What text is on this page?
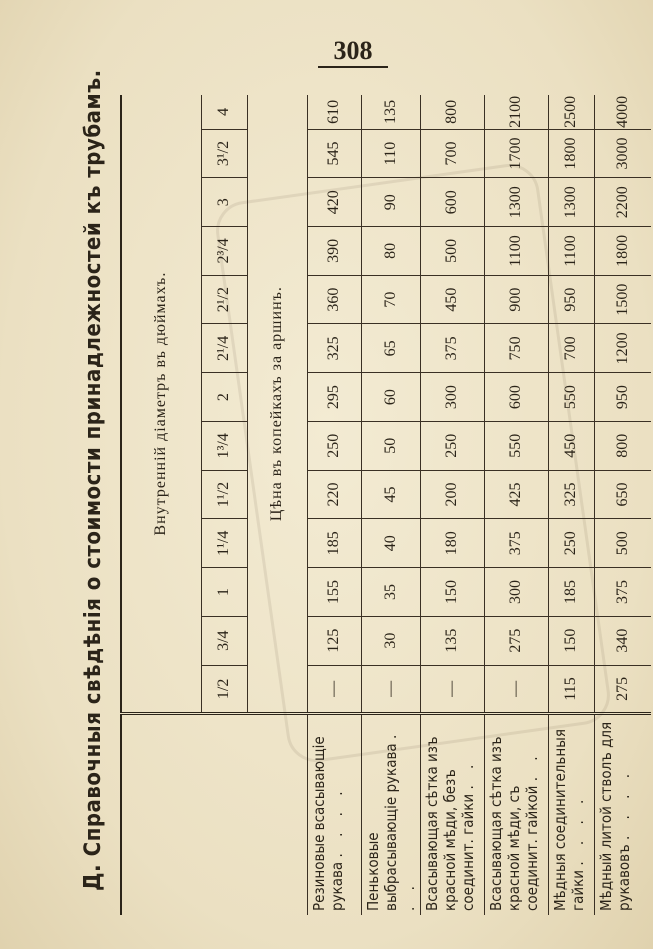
308
Д. Справочныя свѣдѣнія о стоимости принадлежностей къ трубамъ.
		Внутренній діаметръ въ дюймахъ.												
	1/2	3/4	1	1¹/4	1¹/2	1³/4	2	2¹/4	2¹/2	2³/4	3	3¹/2	4
	Цѣна въ копейкахъ за аршинъ.												
Резиновые всасывающіе рукава . . . .	—	125	155	185	220	250	295	325	360	390	420	545	610
Пеньковые выбрасывающіе рукава . . .	—	30	35	40	45	50	60	65	70	80	90	110	135
Всасывающая сѣтка изъ красной мѣди, безъ соединит. гайки . .	—	135	150	180	200	250	300	375	450	500	600	700	800
Всасывающая сѣтка изъ красной мѣди, съ соединит. гайкой . .	—	275	300	375	425	550	600	750	900	1100	1300	1700	2100
Мѣдныя соединительныя гайки . . . .	115	150	185	250	325	450	550	700	950	1100	1300	1800	2500
Мѣдный литой стволъ для рукавовъ . . . .	275	340	375	500	650	800	950	1200	1500	1800	2200	3000	4000
